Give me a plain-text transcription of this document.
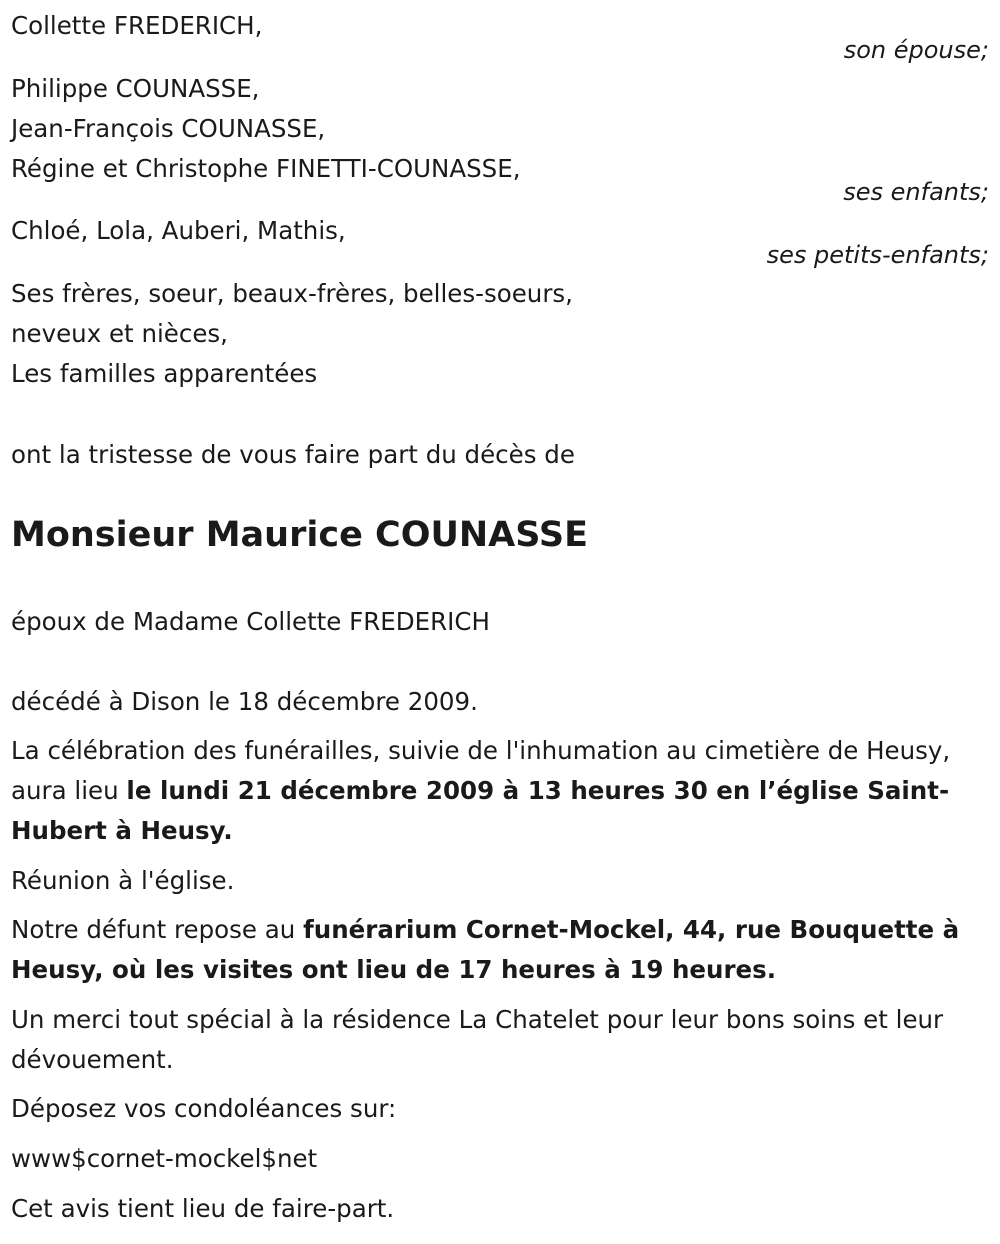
Collette FREDERICH,
son épouse;
Philippe COUNASSE,
Jean-François COUNASSE,
Régine et Christophe FINETTI-COUNASSE,
ses enfants;
Chloé, Lola, Auberi, Mathis,
ses petits-enfants;
Ses frères, soeur, beaux-frères, belles-soeurs,
neveux et nièces,
Les familles apparentées
ont la tristesse de vous faire part du décès de
Monsieur Maurice COUNASSE
époux de Madame Collette FREDERICH
décédé à Dison le 18 décembre 2009.
La célébration des funérailles, suivie de l'inhumation au cimetière de Heusy, aura lieu le lundi 21 décembre 2009 à 13 heures 30 en l’église Saint-Hubert à Heusy.
Réunion à l'église.
Notre défunt repose au funérarium Cornet-Mockel, 44, rue Bouquette à Heusy, où les visites ont lieu de 17 heures à 19 heures.
Un merci tout spécial à la résidence La Chatelet pour leur bons soins et leur dévouement.
Déposez vos condoléances sur:
www$cornet-mockel$net
Cet avis tient lieu de faire-part.
